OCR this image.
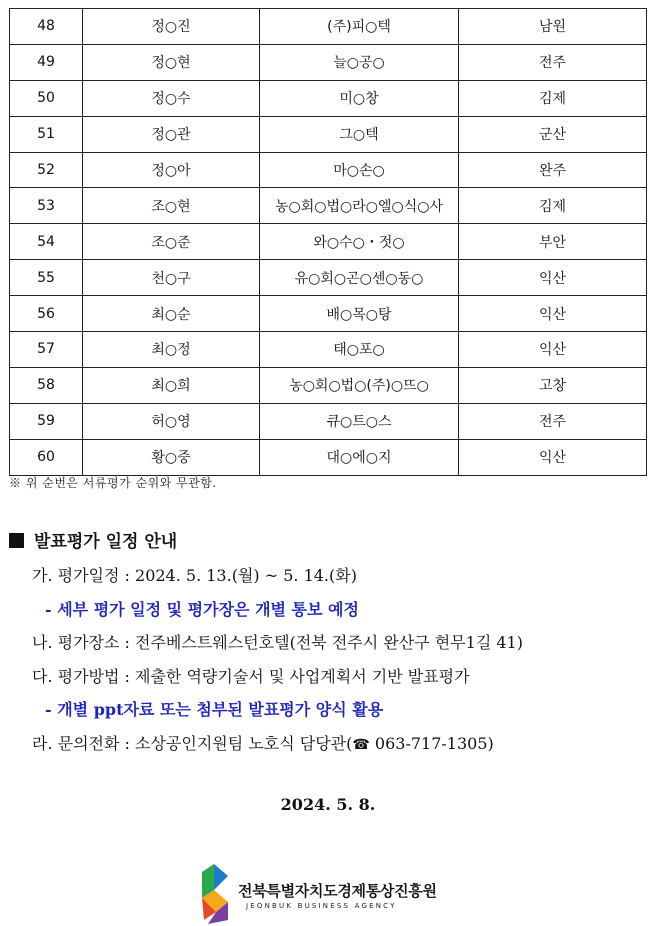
48	정○진	(주)피○텍	남원
49	정○현	늘○공○	전주
50	정○수	미○창	김제
51	정○관	그○텍	군산
52	정○아	마○손○	완주
53	조○현	농○회○법○라○엘○식○사	김제
54	조○준	와○수○・젓○	부안
55	천○구	유○회○곤○센○동○	익산
56	최○순	배○목○탕	익산
57	최○정	태○포○	익산
58	최○희	농○회○법○(주)○뜨○	고창
59	허○영	큐○트○스	전주
60	황○중	대○에○지	익산
※ 위 순번은 서류평가 순위와 무관함.
발표평가 일정 안내
가. 평가일정 : 2024. 5. 13.(월) ~ 5. 14.(화)
- 세부 평가 일정 및 평가장은 개별 통보 예정
나. 평가장소 : 전주베스트웨스턴호텔(전북 전주시 완산구 현무1길 41)
다. 평가방법 : 제출한 역량기술서 및 사업계획서 기반 발표평가
- 개별 ppt자료 또는 첨부된 발표평가 양식 활용
라. 문의전화 : 소상공인지원팀 노호식 담당관(☎ 063-717-1305)
2024. 5. 8.
전북특별자치도경제통상진흥원
JEONBUK BUSINESS AGENCY
